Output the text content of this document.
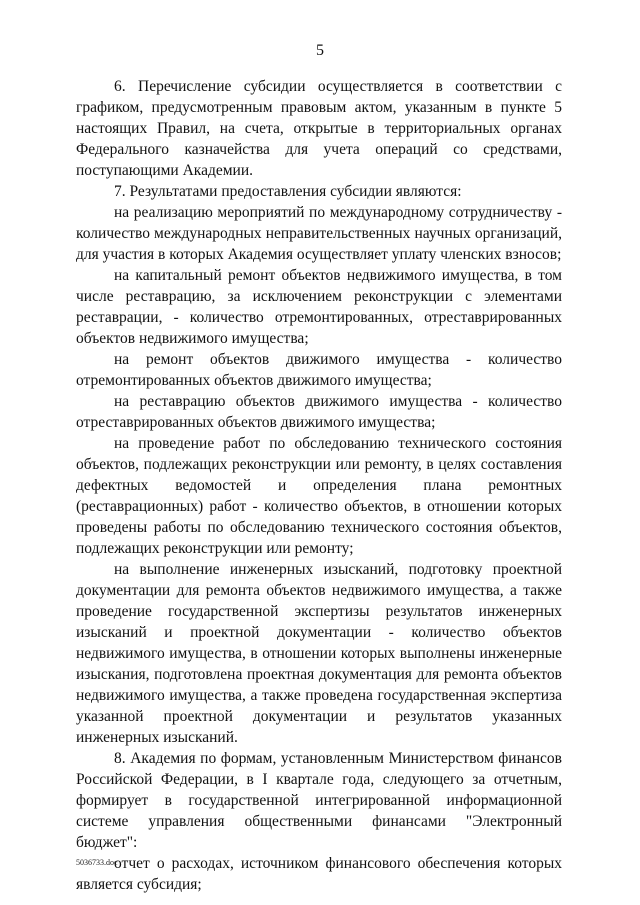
5

6. Перечисление субсидии осуществляется в соответствии с графиком, предусмотренным правовым актом, указанным в пункте 5 настоящих Правил, на счета, открытые в территориальных органах Федерального казначейства для учета операций со средствами, поступающими Академии.

7. Результатами предоставления субсидии являются:

на реализацию мероприятий по международному сотрудничеству - количество международных неправительственных научных организаций, для участия в которых Академия осуществляет уплату членских взносов;

на капитальный ремонт объектов недвижимого имущества, в том числе реставрацию, за исключением реконструкции с элементами реставрации, - количество отремонтированных, отреставрированных объектов недвижимого имущества;

на ремонт объектов движимого имущества - количество отремонтированных объектов движимого имущества;

на реставрацию объектов движимого имущества - количество отреставрированных объектов движимого имущества;

на проведение работ по обследованию технического состояния объектов, подлежащих реконструкции или ремонту, в целях составления дефектных ведомостей и определения плана ремонтных (реставрационных) работ - количество объектов, в отношении которых проведены работы по обследованию технического состояния объектов, подлежащих реконструкции или ремонту;

на выполнение инженерных изысканий, подготовку проектной документации для ремонта объектов недвижимого имущества, а также проведение государственной экспертизы результатов инженерных изысканий и проектной документации - количество объектов недвижимого имущества, в отношении которых выполнены инженерные изыскания, подготовлена проектная документация для ремонта объектов недвижимого имущества, а также проведена государственная экспертиза указанной проектной документации и результатов указанных инженерных изысканий.

8. Академия по формам, установленным Министерством финансов Российской Федерации, в I квартале года, следующего за отчетным, формирует в государственной интегрированной информационной системе управления общественными финансами "Электронный бюджет":

отчет о расходах, источником финансового обеспечения которых является субсидия;

5036733.doc
